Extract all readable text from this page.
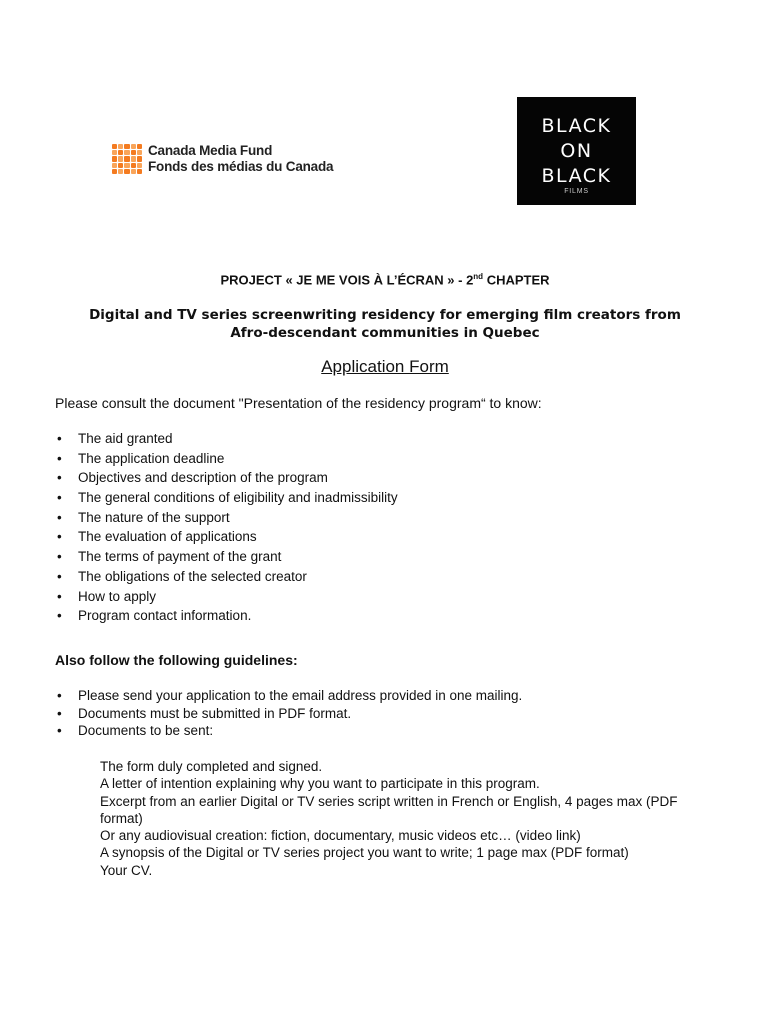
Canada Media Fund
Fonds des médias du Canada
BLACK
ON
BLACK
FILMS
PROJECT « JE ME VOIS À L’ÉCRAN » - 2nd CHAPTER
Digital and TV series screenwriting residency for emerging film creators from
Afro-descendant communities in Quebec
Application Form
Please consult the document "Presentation of the residency program“ to know:
• The aid granted
• The application deadline
• Objectives and description of the program
• The general conditions of eligibility and inadmissibility
• The nature of the support
• The evaluation of applications
• The terms of payment of the grant
• The obligations of the selected creator
• How to apply
• Program contact information.
Also follow the following guidelines:
• Please send your application to the email address provided in one mailing.
• Documents must be submitted in PDF format.
• Documents to be sent:
The form duly completed and signed.
A letter of intention explaining why you want to participate in this program.
Excerpt from an earlier Digital or TV series script written in French or English, 4 pages max (PDF format)
Or any audiovisual creation: fiction, documentary, music videos etc… (video link)
A synopsis of the Digital or TV series project you want to write; 1 page max (PDF format)
Your CV.
